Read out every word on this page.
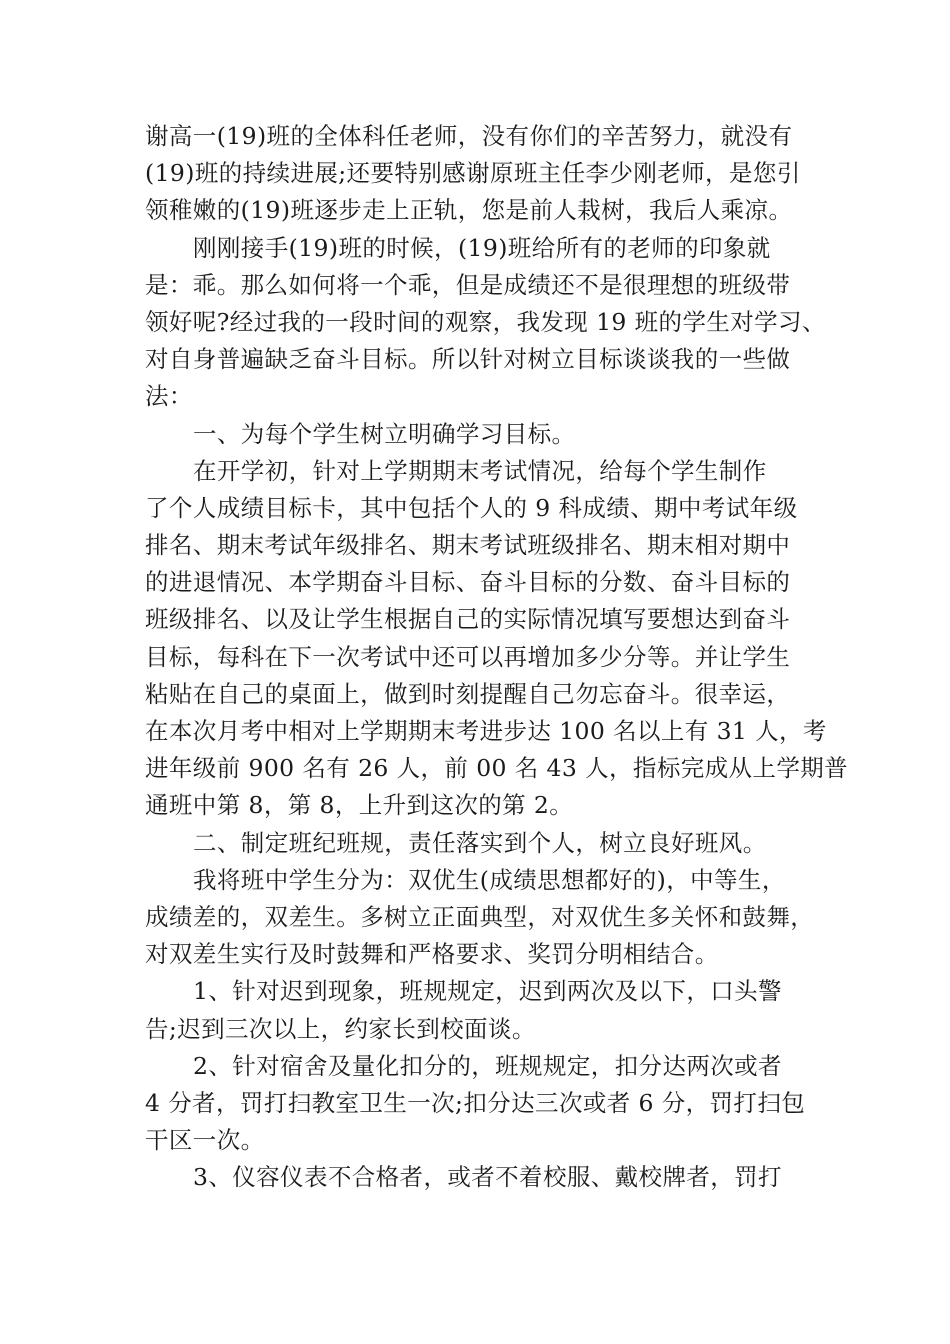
谢高一(19)班的全体科任老师，没有你们的辛苦努力，就没有
(19)班的持续进展;还要特别感谢原班主任李少刚老师，是您引
领稚嫩的(19)班逐步走上正轨，您是前人栽树，我后人乘凉。
刚刚接手(19)班的时候，(19)班给所有的老师的印象就
是：乖。那么如何将一个乖，但是成绩还不是很理想的班级带
领好呢?经过我的一段时间的观察，我发现 19 班的学生对学习、
对自身普遍缺乏奋斗目标。所以针对树立目标谈谈我的一些做
法：
一、为每个学生树立明确学习目标。
在开学初，针对上学期期末考试情况，给每个学生制作
了个人成绩目标卡，其中包括个人的 9 科成绩、期中考试年级
排名、期末考试年级排名、期末考试班级排名、期末相对期中
的进退情况、本学期奋斗目标、奋斗目标的分数、奋斗目标的
班级排名、以及让学生根据自己的实际情况填写要想达到奋斗
目标，每科在下一次考试中还可以再增加多少分等。并让学生
粘贴在自己的桌面上，做到时刻提醒自己勿忘奋斗。很幸运，
在本次月考中相对上学期期末考进步达 100 名以上有 31 人，考
进年级前 900 名有 26 人，前 00 名 43 人，指标完成从上学期普
通班中第 8，第 8，上升到这次的第 2。
二、制定班纪班规，责任落实到个人，树立良好班风。
我将班中学生分为：双优生(成绩思想都好的)，中等生，
成绩差的，双差生。多树立正面典型，对双优生多关怀和鼓舞，
对双差生实行及时鼓舞和严格要求、奖罚分明相结合。
1、针对迟到现象，班规规定，迟到两次及以下，口头警
告;迟到三次以上，约家长到校面谈。
2、针对宿舍及量化扣分的，班规规定，扣分达两次或者
4 分者，罚打扫教室卫生一次;扣分达三次或者 6 分，罚打扫包
干区一次。
3、仪容仪表不合格者，或者不着校服、戴校牌者，罚打
